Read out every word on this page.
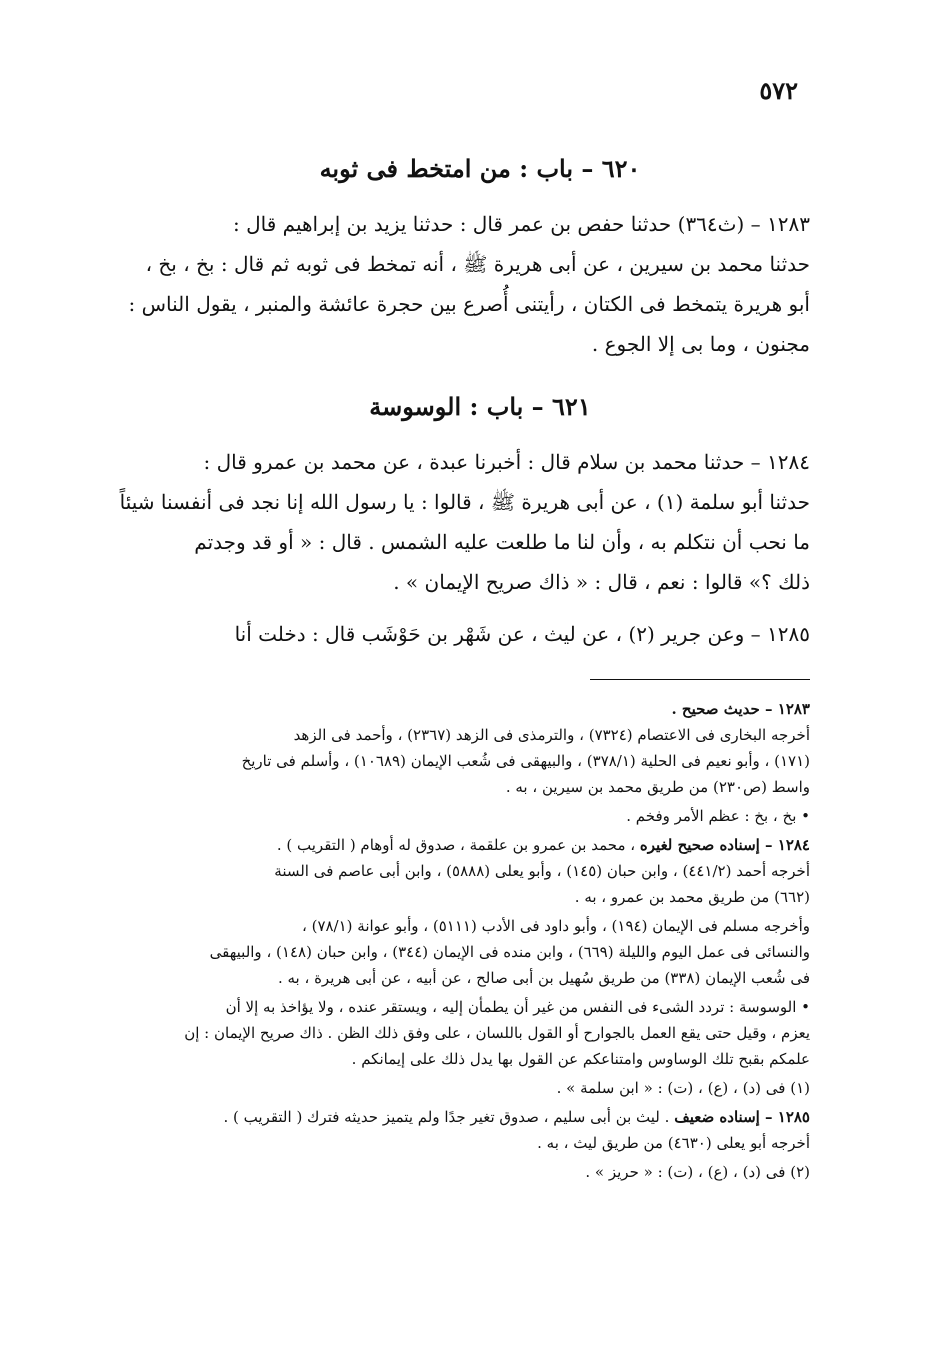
٥٧٢
٦٢٠ – باب : من امتخط فى ثوبه

١٢٨٣ – (ث٣٦٤) حدثنا حفص بن عمر قال : حدثنا يزيد بن إبراهيم قال :

حدثنا محمد بن سيرين ، عن أبى هريرة ﷺ ، أنه تمخط فى ثوبه ثم قال : بخ ، بخ ،

أبو هريرة يتمخط فى الكتان ، رأيتنى أُصرع بين حجرة عائشة والمنبر ، يقول الناس :

مجنون ، وما بى إلا الجوع .

٦٢١ – باب : الوسوسة

١٢٨٤ – حدثنا محمد بن سلام قال : أخبرنا عبدة ، عن محمد بن عمرو قال :

حدثنا أبو سلمة (١) ، عن أبى هريرة ﷺ ، قالوا : يا رسول الله إنا نجد فى أنفسنا شيئاً

ما نحب أن نتكلم به ، وأن لنا ما طلعت عليه الشمس . قال : « أو قد وجدتم

ذلك ؟» قالوا : نعم ، قال : « ذاك صريح الإيمان » .

١٢٨٥ – وعن جرير (٢) ، عن ليث ، عن شَهْر بن حَوْشَب قال : دخلت أنا

١٢٨٣ – حديث صحيح .

أخرجه البخارى فى الاعتصام (٧٣٢٤) ، والترمذى فى الزهد (٢٣٦٧) ، وأحمد فى الزهد

(١٧١) ، وأبو نعيم فى الحلية (٣٧٨/١) ، والبيهقى فى شُعب الإيمان (١٠٦٨٩) ، وأسلم فى تاريخ

واسط (ص٢٣٠) من طريق محمد بن سيرين ، به .

• بخ ، بخ : عظم الأمر وفخم .

١٢٨٤ – إسناده صحيح لغيره ، محمد بن عمرو بن علقمة ، صدوق له أوهام ( التقريب ) .

أخرجه أحمد (٤٤١/٢) ، وابن حبان (١٤٥) ، وأبو يعلى (٥٨٨٨) ، وابن أبى عاصم فى السنة

(٦٦٢) من طريق محمد بن عمرو ، به .

وأخرجه مسلم فى الإيمان (١٩٤) ، وأبو داود فى الأدب (٥١١١) ، وأبو عوانة (٧٨/١) ،

والنسائى فى عمل اليوم والليلة (٦٦٩) ، وابن منده فى الإيمان (٣٤٤) ، وابن حبان (١٤٨) ، والبيهقى

فى شُعب الإيمان (٣٣٨) من طريق سُهيل بن أبى صالح ، عن أبيه ، عن أبى هريرة ، به .

• الوسوسة : تردد الشىء فى النفس من غير أن يطمأن إليه ، ويستقر عنده ، ولا يؤاخذ به إلا أن

يعزم ، وقيل حتى يقع العمل بالجوارح أو القول باللسان ، على وفق ذلك الظن . ذاك صريح الإيمان : إن

علمكم بقبح تلك الوساوس وامتناعكم عن القول بها يدل ذلك على إيمانكم .

(١) فى (د) ، (ع) ، (ت) : « ابن سلمة » .

١٢٨٥ – إسناده ضعيف . ليث بن أبى سليم ، صدوق تغير جدًا ولم يتميز حديثه فترك ( التقريب ) .

أخرجه أبو يعلى (٤٦٣٠) من طريق ليث ، به .

(٢) فى (د) ، (ع) ، (ت) : « حريز » .
